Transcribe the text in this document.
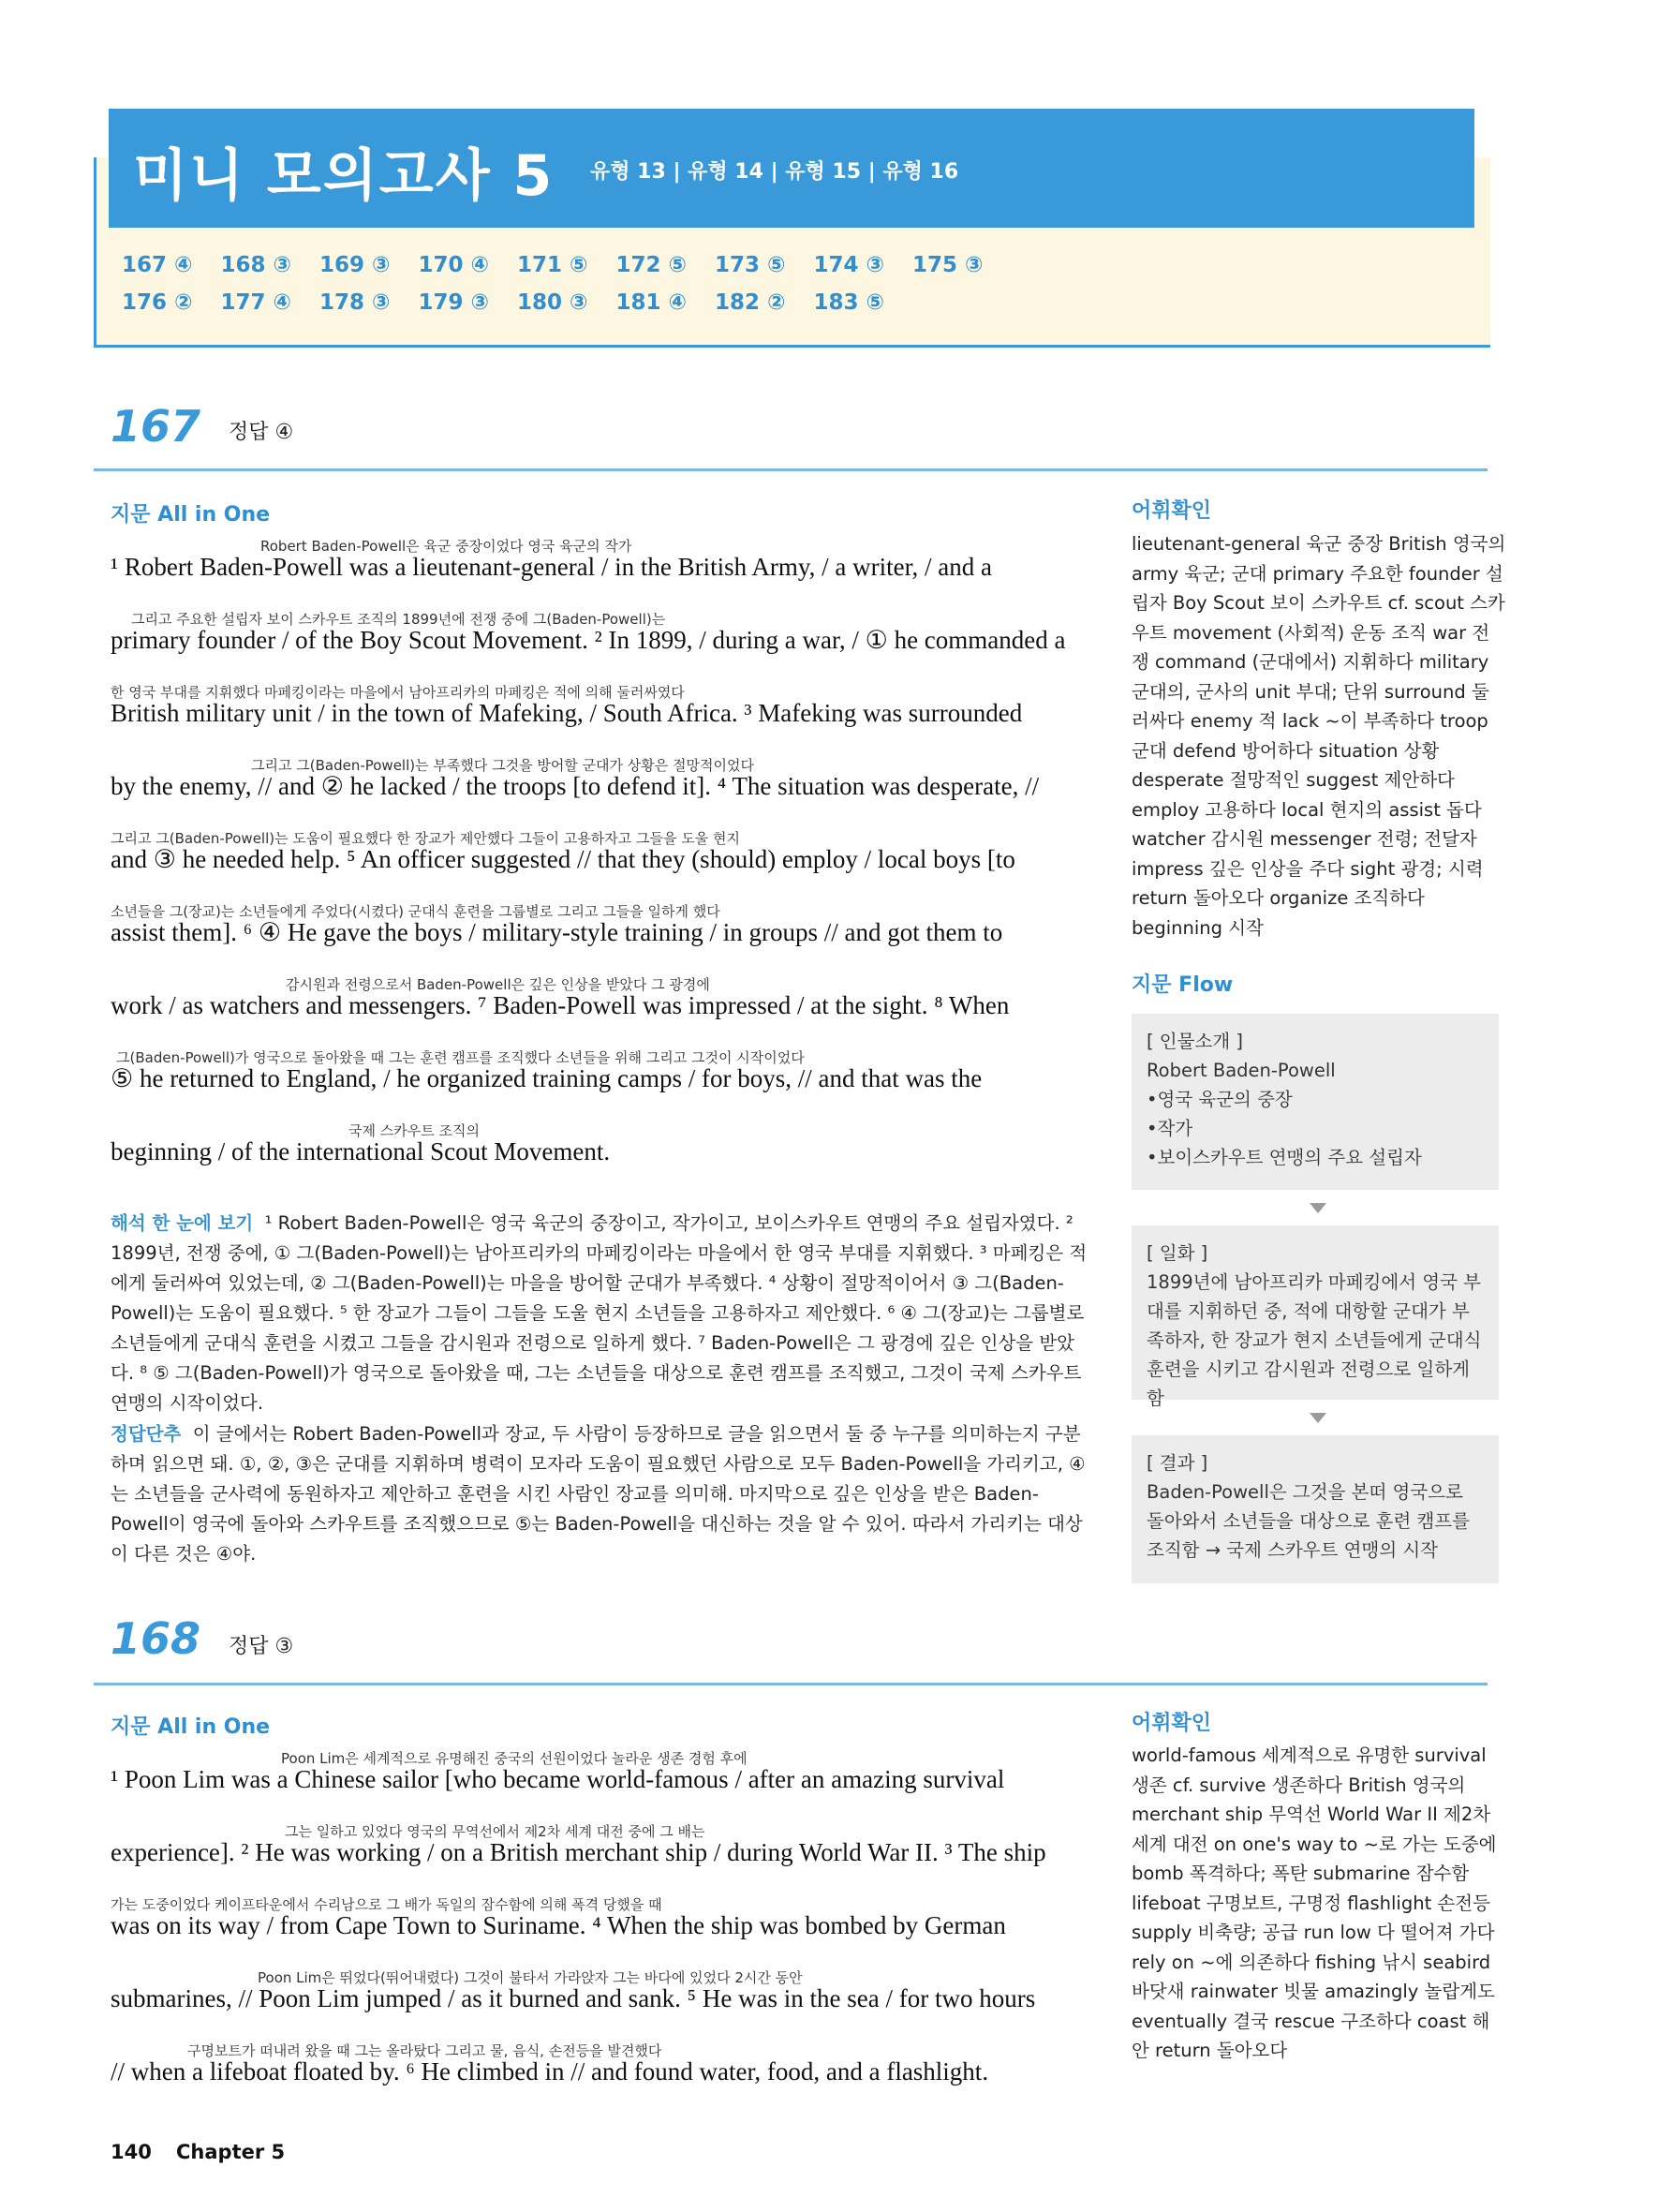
미니 모의고사 5 유형 13 | 유형 14 | 유형 15 | 유형 16
167 ④ 168 ③ 169 ③ 170 ④ 171 ⑤ 172 ⑤ 173 ⑤ 174 ③ 175 ③
176 ② 177 ④ 178 ③ 179 ③ 180 ③ 181 ④ 182 ② 183 ⑤
167 정답 ④
지문 All in One
Robert Baden-Powell은 육군 중장이었다 영국 육군의 작가
¹ Robert Baden-Powell was a lieutenant-general / in the British Army, / a writer, / and a
그리고 주요한 설립자 보이 스카우트 조직의 1899년에 전쟁 중에 그(Baden-Powell)는
primary founder / of the Boy Scout Movement. ² In 1899, / during a war, / ① he commanded a
한 영국 부대를 지휘했다 마페킹이라는 마을에서 남아프리카의 마페킹은 적에 의해 둘러싸였다
British military unit / in the town of Mafeking, / South Africa. ³ Mafeking was surrounded
그리고 그(Baden-Powell)는 부족했다 그것을 방어할 군대가 상황은 절망적이었다
by the enemy, // and ② he lacked / the troops [to defend it]. ⁴ The situation was desperate, //
그리고 그(Baden-Powell)는 도움이 필요했다 한 장교가 제안했다 그들이 고용하자고 그들을 도울 현지
and ③ he needed help. ⁵ An officer suggested // that they (should) employ / local boys [to
소년들을 그(장교)는 소년들에게 주었다(시켰다) 군대식 훈련을 그룹별로 그리고 그들을 일하게 했다
assist them]. ⁶ ④ He gave the boys / military-style training / in groups // and got them to
감시원과 전령으로서 Baden-Powell은 깊은 인상을 받았다 그 광경에
work / as watchers and messengers. ⁷ Baden-Powell was impressed / at the sight. ⁸ When
그(Baden-Powell)가 영국으로 돌아왔을 때 그는 훈련 캠프를 조직했다 소년들을 위해 그리고 그것이 시작이었다
⑤ he returned to England, / he organized training camps / for boys, // and that was the
국제 스카우트 조직의
beginning / of the international Scout Movement.
해석 한 눈에 보기 ¹ Robert Baden-Powell은 영국 육군의 중장이고, 작가이고, 보이스카우트 연맹의 주요 설립자였다. ² 1899년, 전쟁 중에, ① 그(Baden-Powell)는 남아프리카의 마페킹이라는 마을에서 한 영국 부대를 지휘했다. ³ 마페킹은 적에게 둘러싸여 있었는데, ② 그(Baden-Powell)는 마을을 방어할 군대가 부족했다. ⁴ 상황이 절망적이어서 ③ 그(Baden-Powell)는 도움이 필요했다. ⁵ 한 장교가 그들이 그들을 도울 현지 소년들을 고용하자고 제안했다. ⁶ ④ 그(장교)는 그룹별로 소년들에게 군대식 훈련을 시켰고 그들을 감시원과 전령으로 일하게 했다. ⁷ Baden-Powell은 그 광경에 깊은 인상을 받았다. ⁸ ⑤ 그(Baden-Powell)가 영국으로 돌아왔을 때, 그는 소년들을 대상으로 훈련 캠프를 조직했고, 그것이 국제 스카우트 연맹의 시작이었다.
정답단추 이 글에서는 Robert Baden-Powell과 장교, 두 사람이 등장하므로 글을 읽으면서 둘 중 누구를 의미하는지 구분하며 읽으면 돼. ①, ②, ③은 군대를 지휘하며 병력이 모자라 도움이 필요했던 사람으로 모두 Baden-Powell을 가리키고, ④는 소년들을 군사력에 동원하자고 제안하고 훈련을 시킨 사람인 장교를 의미해. 마지막으로 깊은 인상을 받은 Baden-Powell이 영국에 돌아와 스카우트를 조직했으므로 ⑤는 Baden-Powell을 대신하는 것을 알 수 있어. 따라서 가리키는 대상이 다른 것은 ④야.
어휘확인
lieutenant-general 육군 중장 British 영국의 army 육군; 군대 primary 주요한 founder 설립자 Boy Scout 보이 스카우트 cf. scout 스카우트 movement (사회적) 운동 조직 war 전쟁 command (군대에서) 지휘하다 military 군대의, 군사의 unit 부대; 단위 surround 둘러싸다 enemy 적 lack ~이 부족하다 troop 군대 defend 방어하다 situation 상황 desperate 절망적인 suggest 제안하다 employ 고용하다 local 현지의 assist 돕다 watcher 감시원 messenger 전령; 전달자 impress 깊은 인상을 주다 sight 광경; 시력 return 돌아오다 organize 조직하다 beginning 시작
지문 Flow
[ 인물소개 ]
Robert Baden-Powell
•영국 육군의 중장
•작가
•보이스카우트 연맹의 주요 설립자
[ 일화 ]
1899년에 남아프리카 마페킹에서 영국 부
대를 지휘하던 중, 적에 대항할 군대가 부
족하자, 한 장교가 현지 소년들에게 군대식
훈련을 시키고 감시원과 전령으로 일하게 함
[ 결과 ]
Baden-Powell은 그것을 본떠 영국으로
돌아와서 소년들을 대상으로 훈련 캠프를
조직함 → 국제 스카우트 연맹의 시작
168 정답 ③
지문 All in One
Poon Lim은 세계적으로 유명해진 중국의 선원이었다 놀라운 생존 경험 후에
¹ Poon Lim was a Chinese sailor [who became world-famous / after an amazing survival
그는 일하고 있었다 영국의 무역선에서 제2차 세계 대전 중에 그 배는
experience]. ² He was working / on a British merchant ship / during World War II. ³ The ship
가는 도중이었다 케이프타운에서 수리남으로 그 배가 독일의 잠수함에 의해 폭격 당했을 때
was on its way / from Cape Town to Suriname. ⁴ When the ship was bombed by German
Poon Lim은 뛰었다(뛰어내렸다) 그것이 불타서 가라앉자 그는 바다에 있었다 2시간 동안
submarines, // Poon Lim jumped / as it burned and sank. ⁵ He was in the sea / for two hours
구명보트가 떠내려 왔을 때 그는 올라탔다 그리고 물, 음식, 손전등을 발견했다
// when a lifeboat floated by. ⁶ He climbed in // and found water, food, and a flashlight.
어휘확인
world-famous 세계적으로 유명한 survival 생존 cf. survive 생존하다 British 영국의 merchant ship 무역선 World War II 제2차 세계 대전 on one's way to ~로 가는 도중에 bomb 폭격하다; 폭탄 submarine 잠수함 lifeboat 구명보트, 구명정 flashlight 손전등 supply 비축량; 공급 run low 다 떨어져 가다 rely on ~에 의존하다 fishing 낚시 seabird 바닷새 rainwater 빗물 amazingly 놀랍게도 eventually 결국 rescue 구조하다 coast 해안 return 돌아오다
140 Chapter 5
